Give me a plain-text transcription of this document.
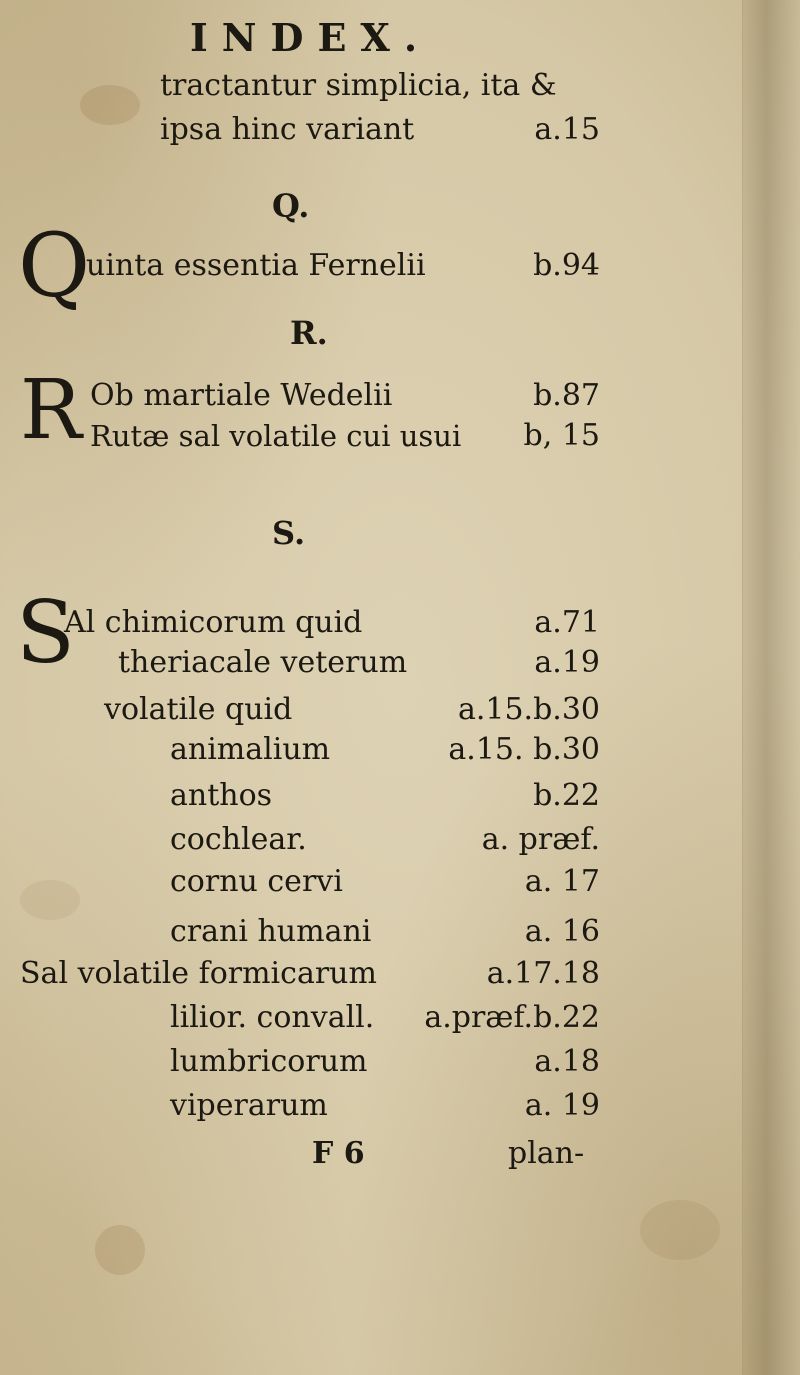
INDEX.
tractantur simplicia, ita &
ipsa hinc variant	a.15
Q.
Q
uinta essentia Fernelii	b.94
R.
R Ob martiale Wedelii	b.87
Rutæ sal volatile cui usui	b, 15
S.
S
Al chimicorum quid	a.71
theriacale veterum	a.19
volatile quid	a.15.b.30
animalium	a.15. b.30
anthos	b.22
cochlear.	a. præf.
cornu cervi	a. 17
crani humani	a. 16
Sal volatile formicarum	a.17.18
lilior. convall. a.præf.b.22
lumbricorum	a.18
viperarum	a. 19
F 6	plan-
